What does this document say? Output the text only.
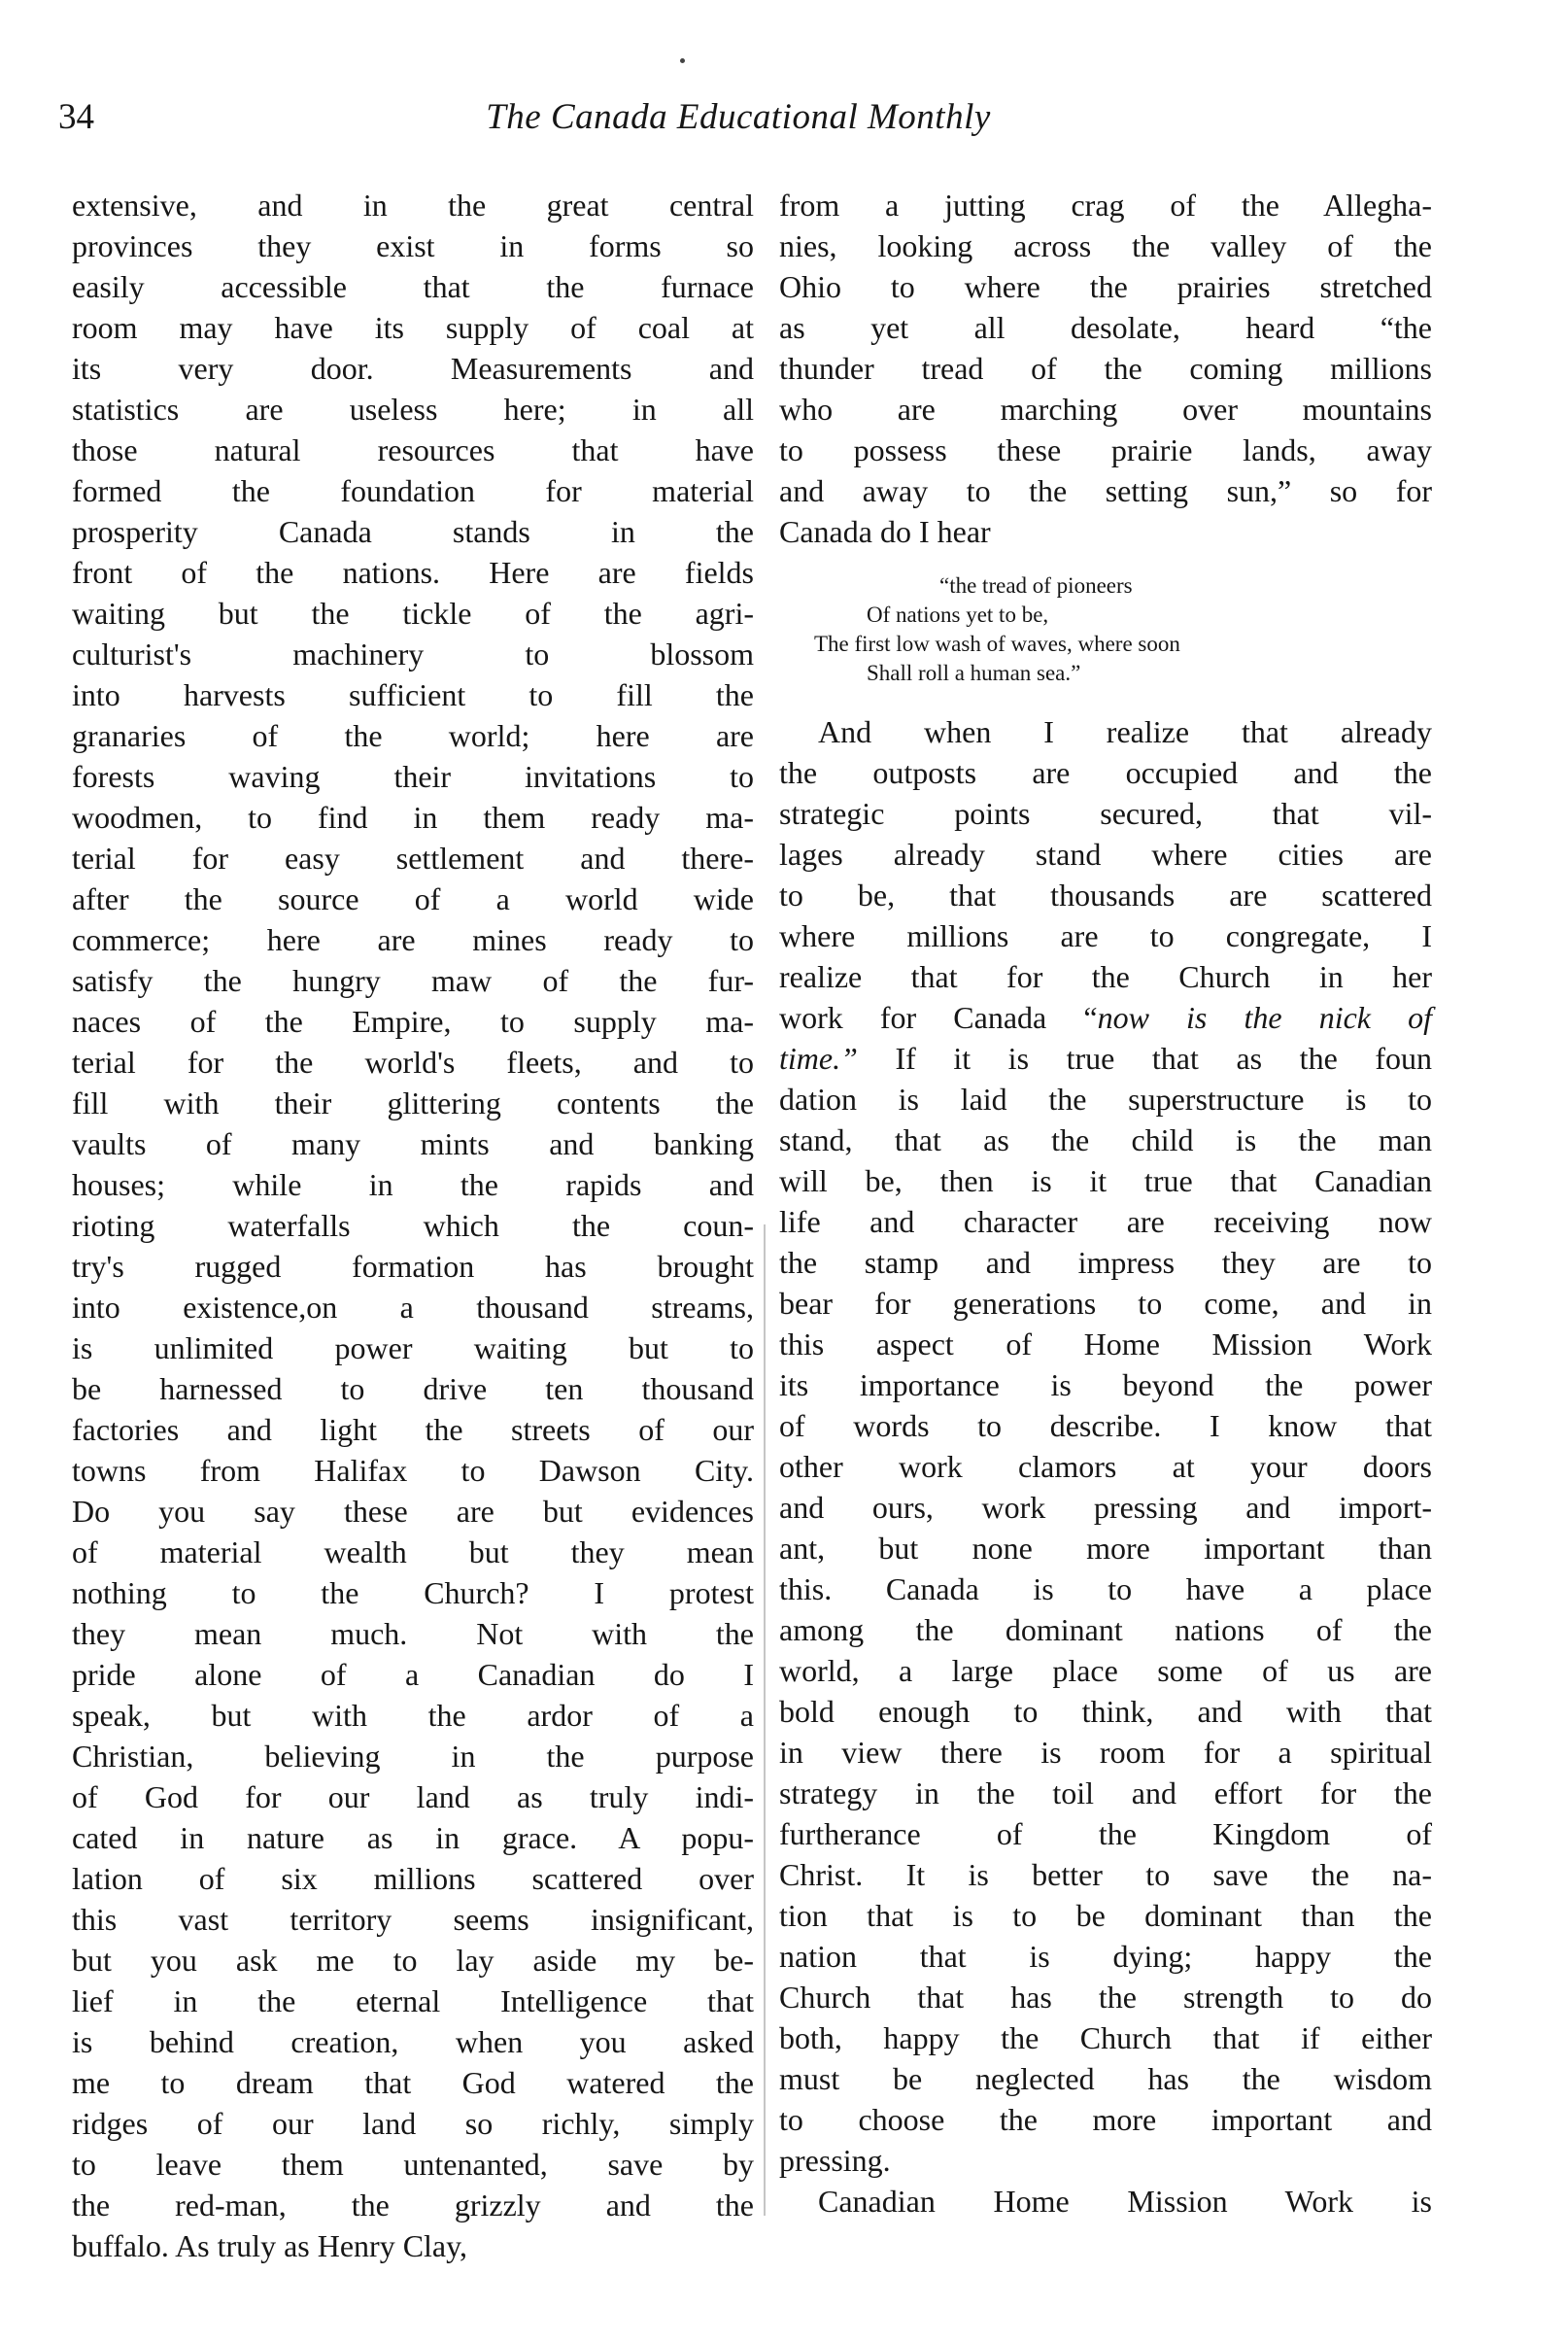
34	The Canada Educational Monthly
extensive, and in the great central
provinces they exist in forms so
easily accessible that the furnace
room may have its supply of coal at
its very door. Measurements and
statistics are useless here; in all
those natural resources that have
formed the foundation for material
prosperity Canada stands in the
front of the nations. Here are fields
waiting but the tickle of the agri-
culturist's machinery to blossom
into harvests sufficient to fill the
granaries of the world; here are
forests waving their invitations to
woodmen, to find in them ready ma-
terial for easy settlement and there-
after the source of a world wide
commerce; here are mines ready to
satisfy the hungry maw of the fur-
naces of the Empire, to supply ma-
terial for the world's fleets, and to
fill with their glittering contents the
vaults of many mints and banking
houses; while in the rapids and
rioting waterfalls which the coun-
try's rugged formation has brought
into existence,on a thousand streams,
is unlimited power waiting but to
be harnessed to drive ten thousand
factories and light the streets of our
towns from Halifax to Dawson City.
Do you say these are but evidences
of material wealth but they mean
nothing to the Church? I protest
they mean much. Not with the
pride alone of a Canadian do I
speak, but with the ardor of a
Christian, believing in the purpose
of God for our land as truly indi-
cated in nature as in grace. A popu-
lation of six millions scattered over
this vast territory seems insignificant,
but you ask me to lay aside my be-
lief in the eternal Intelligence that
is behind creation, when you asked
me to dream that God watered the
ridges of our land so richly, simply
to leave them untenanted, save by
the red-man, the grizzly and the
buffalo. As truly as Henry Clay,
from a jutting crag of the Allegha-
nies, looking across the valley of the
Ohio to where the prairies stretched
as yet all desolate, heard “the
thunder tread of the coming millions
who are marching over mountains
to possess these prairie lands, away
and away to the setting sun,” so for
Canada do I hear
“the tread of pioneers
Of nations yet to be,
The first low wash of waves, where soon
Shall roll a human sea.”
And when I realize that already
the outposts are occupied and the
strategic points secured, that vil-
lages already stand where cities are
to be, that thousands are scattered
where millions are to congregate, I
realize that for the Church in her
work for Canada “now is the nick of
time.” If it is true that as the foun
dation is laid the superstructure is to
stand, that as the child is the man
will be, then is it true that Canadian
life and character are receiving now
the stamp and impress they are to
bear for generations to come, and in
this aspect of Home Mission Work
its importance is beyond the power
of words to describe. I know that
other work clamors at your doors
and ours, work pressing and import-
ant, but none more important than
this. Canada is to have a place
among the dominant nations of the
world, a large place some of us are
bold enough to think, and with that
in view there is room for a spiritual
strategy in the toil and effort for the
furtherance of the Kingdom of
Christ. It is better to save the na-
tion that is to be dominant than the
nation that is dying; happy the
Church that has the strength to do
both, happy the Church that if either
must be neglected has the wisdom
to choose the more important and
pressing.
Canadian Home Mission Work is
